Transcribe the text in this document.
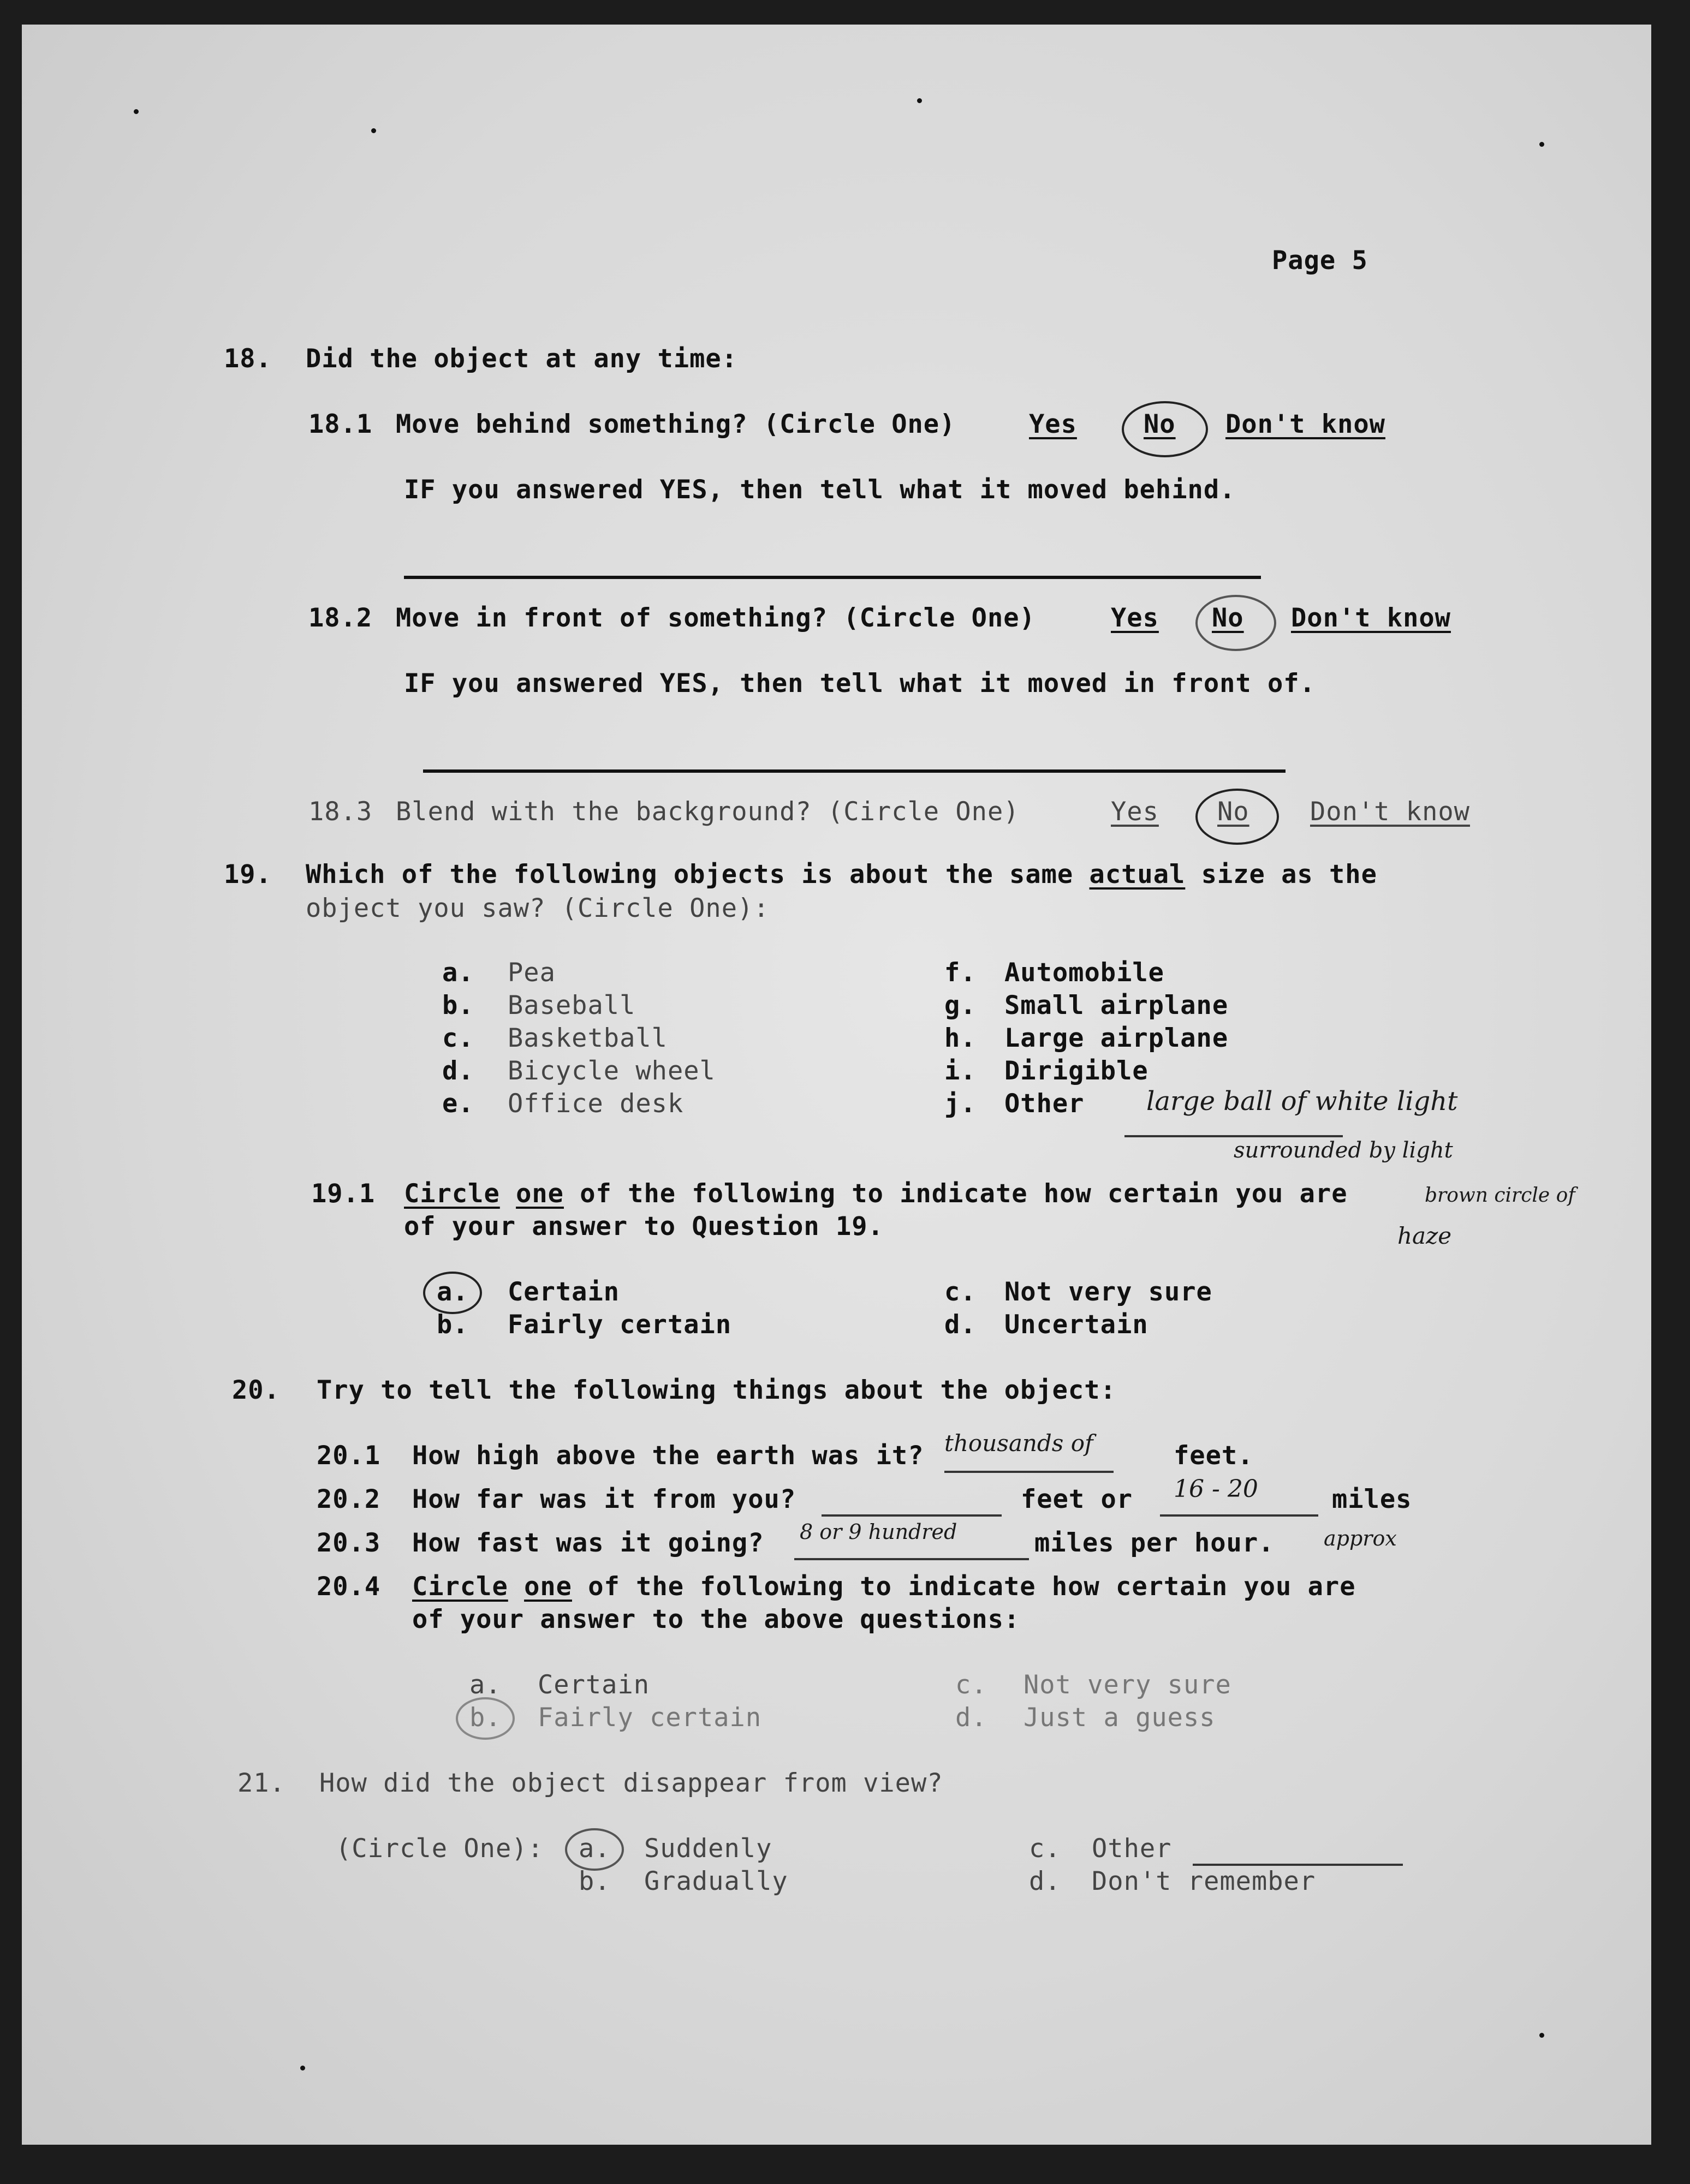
Page 5
18. Did the object at any time:
18.1 Move behind something? (Circle One)	Yes	No Don't know
IF you answered YES, then tell what it moved behind.
18.2 Move in front of something? (Circle One)	Yes No Don't know
IF you answered YES, then tell what it moved in front of.
18.3 Blend with the background? (Circle One)	Yes No Don't know
19. Which of the following objects is about the same actual size as the
object you saw? (Circle One):
a. Pea
b. Baseball
c. Basketball
d. Bicycle wheel
e. Office desk
f. Automobile
g. Small airplane
h. Large airplane
i. Dirigible
j. Other large ball of white light
surrounded by light
brown circle of
haze
19.1 Circle one of the following to indicate how certain you are
of your answer to Question 19.
a. Certain
b. Fairly certain
c. Not very sure
d. Uncertain
20. Try to tell the following things about the object:
20.1 How high above the earth was it? thousands of	feet.
20.2 How far was it from you?	feet or 16 - 20	miles
20.3 How fast was it going? 8 or 9 hundred	miles per hour. approx
20.4 Circle one of the following to indicate how certain you are
of your answer to the above questions:
a. Certain
b. Fairly certain
c. Not very sure
d. Just a guess
21. How did the object disappear from view?
(Circle One): a. Suddenly
b. Gradually
c. Other
d. Don't remember
